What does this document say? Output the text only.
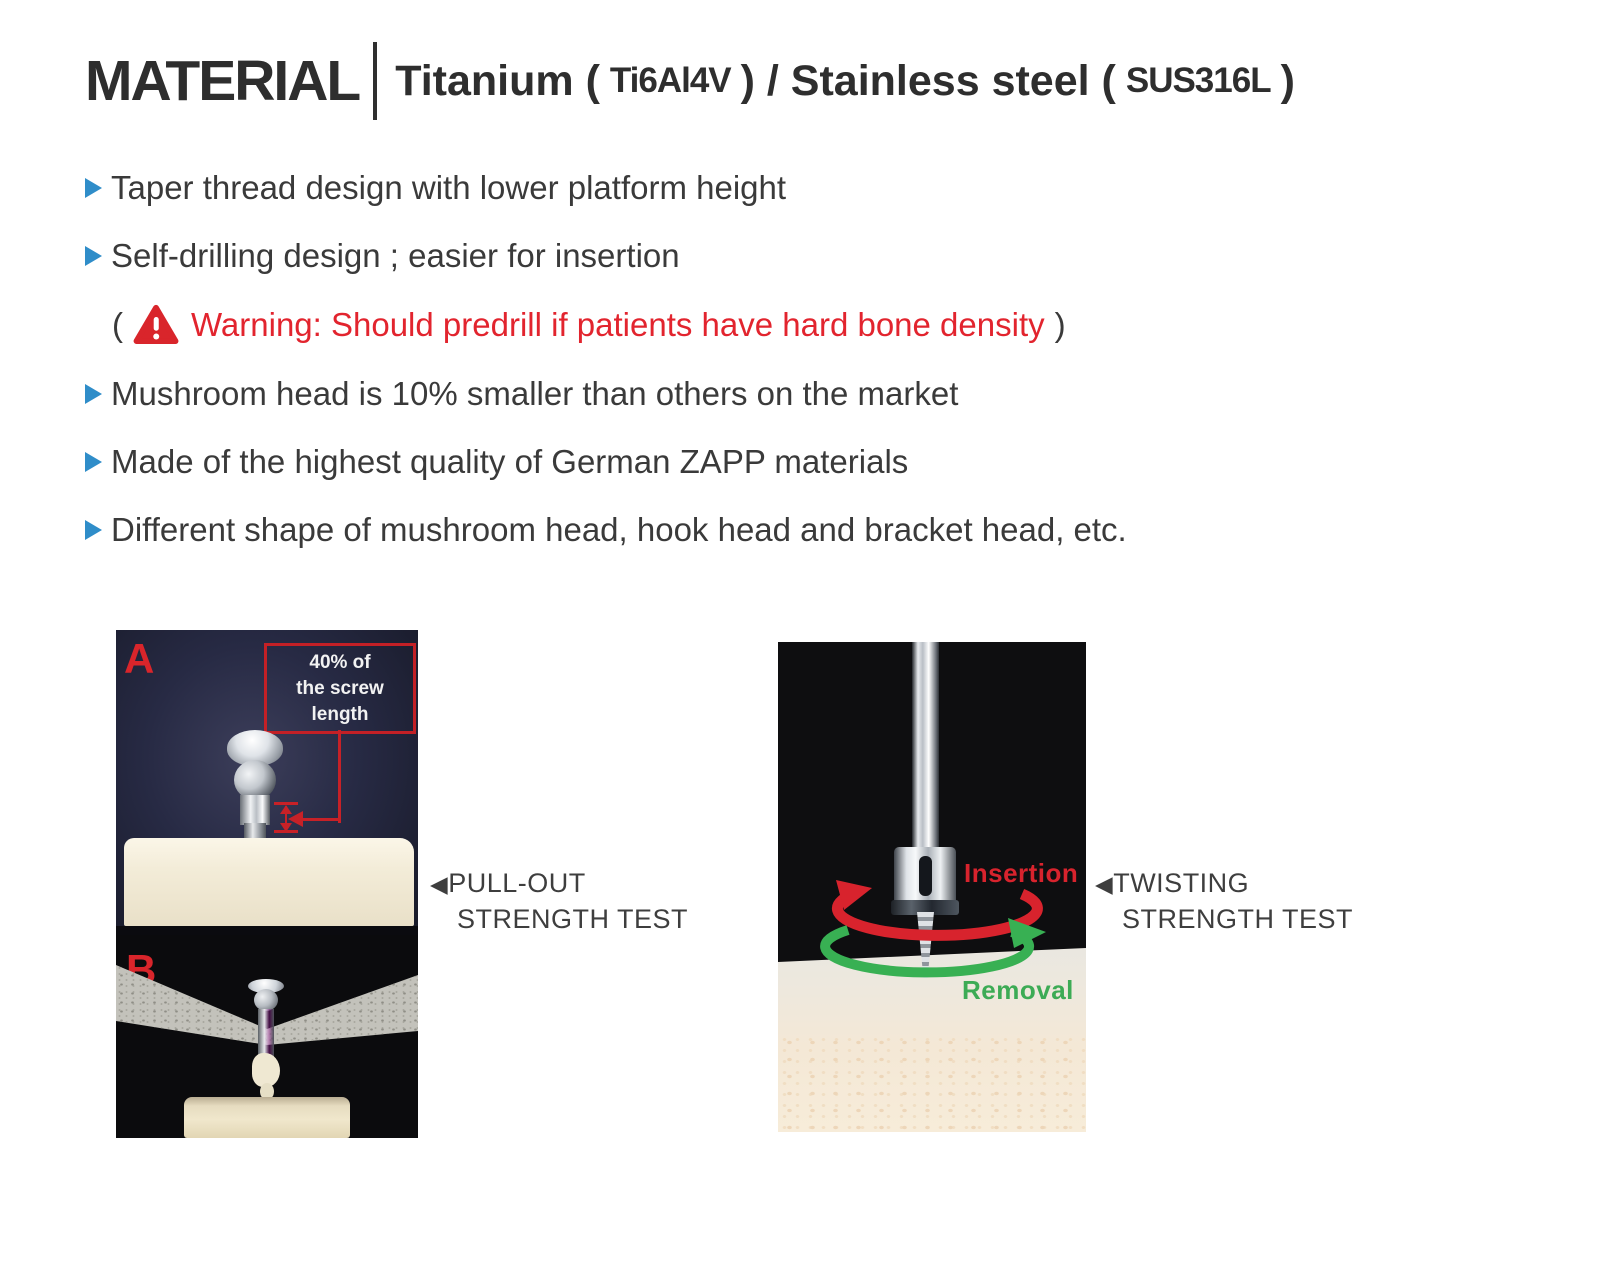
MATERIAL Titanium ( Ti6Al4V ) / Stainless steel ( SUS316L )
Taper thread design with lower platform height
Self-drilling design ; easier for insertion
( Warning: Should predrill if patients have hard bone density )
Mushroom head is 10% smaller than others on the market
Made of the highest quality of German ZAPP materials
Different shape of mushroom head, hook head and bracket head, etc.
A	40% of
the screw
length
B
◀PULL-OUT
STRENGTH TEST
Insertion
Removal
◀TWISTING
STRENGTH TEST
